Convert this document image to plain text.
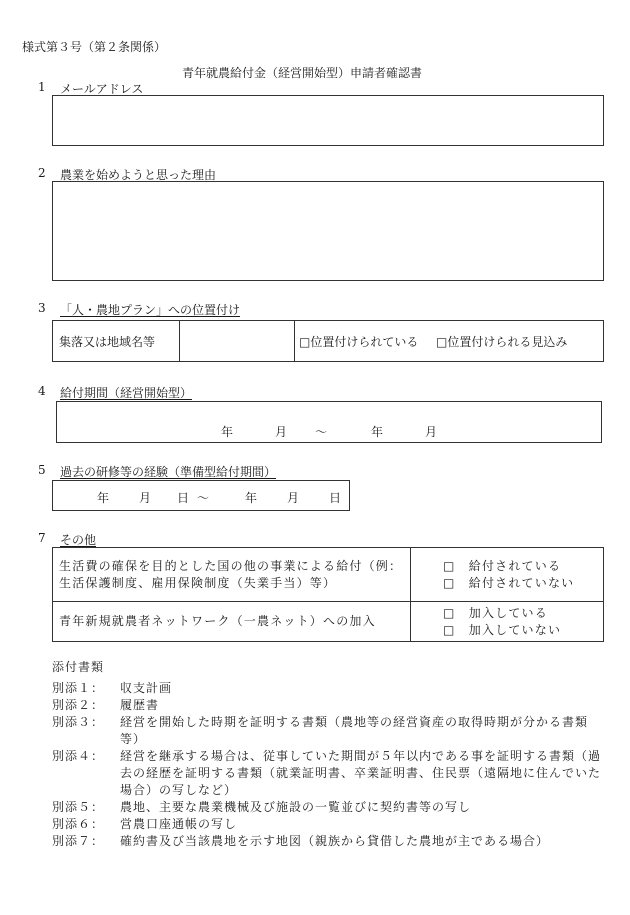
様式第３号（第２条関係）
青年就農給付金（経営開始型）申請者確認書
1 メールアドレス
2 農業を始めようと思った理由
3 「人・農地プラン」への位置付け
集落又は地域名等		□位置付けられている □位置付けられる見込み
4 給付期間（経営開始型）
年	月 ～	年	月
5 過去の研修等の経験（準備型給付期間）
年 月 日 ～	年 月 日
7 その他
生活費の確保を目的とした国の他の事業による給付（例：生活保護制度、雇用保険制度（失業手当）等）	□　給付されている
□　給付されていない

青年新規就農者ネットワーク（一農ネット）への加入	□　加入している
□　加入していない
添付書類
別添１：	収支計画
別添２：	履歴書
別添３：	経営を開始した時期を証明する書類（農地等の経営資産の取得時期が分かる書類等）
別添４：	経営を継承する場合は、従事していた期間が５年以内である事を証明する書類（過去の経歴を証明する書類（就業証明書、卒業証明書、住民票（遠隔地に住んでいた場合）の写しなど）
別添５：	農地、主要な農業機械及び施設の一覧並びに契約書等の写し
別添６：	営農口座通帳の写し
別添７：	確約書及び当該農地を示す地図（親族から貸借した農地が主である場合）
